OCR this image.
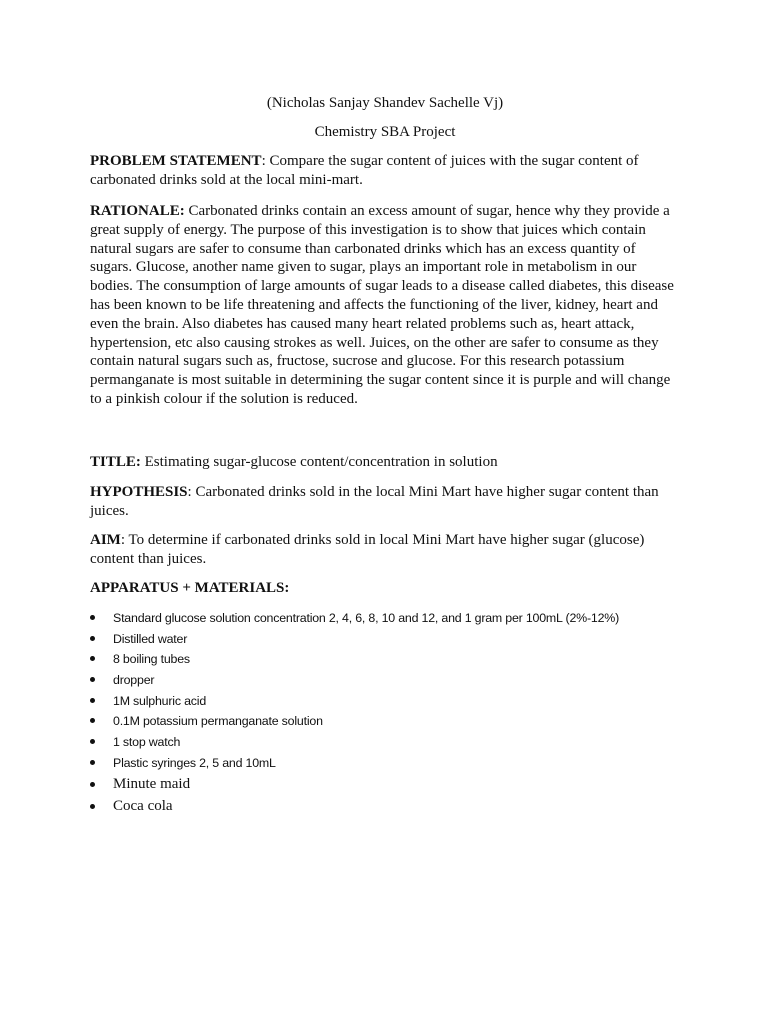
(Nicholas Sanjay Shandev Sachelle Vj)
Chemistry SBA Project
PROBLEM STATEMENT: Compare the sugar content of juices with the sugar content of carbonated drinks sold at the local mini-mart.
RATIONALE: Carbonated drinks contain an excess amount of sugar, hence why they provide a great supply of energy. The purpose of this investigation is to show that juices which contain natural sugars are safer to consume than carbonated drinks which has an excess quantity of sugars. Glucose, another name given to sugar, plays an important role in metabolism in our bodies. The consumption of large amounts of sugar leads to a disease called diabetes, this disease has been known to be life threatening and affects the functioning of the liver, kidney, heart and even the brain. Also diabetes has caused many heart related problems such as, heart attack, hypertension, etc also causing strokes as well. Juices, on the other are safer to consume as they contain natural sugars such as, fructose, sucrose and glucose. For this research potassium permanganate is most suitable in determining the sugar content since it is purple and will change to a pinkish colour if the solution is reduced.
TITLE: Estimating sugar-glucose content/concentration in solution
HYPOTHESIS: Carbonated drinks sold in the local Mini Mart have higher sugar content than juices.
AIM: To determine if carbonated drinks sold in local Mini Mart have higher sugar (glucose) content than juices.
APPARATUS + MATERIALS:
Standard glucose solution concentration 2, 4, 6, 8, 10 and 12, and 1 gram per 100mL (2%-12%)
Distilled water
8 boiling tubes
dropper
1M sulphuric acid
0.1M potassium permanganate solution
1 stop watch
Plastic syringes 2, 5 and 10mL
Minute maid
Coca cola
